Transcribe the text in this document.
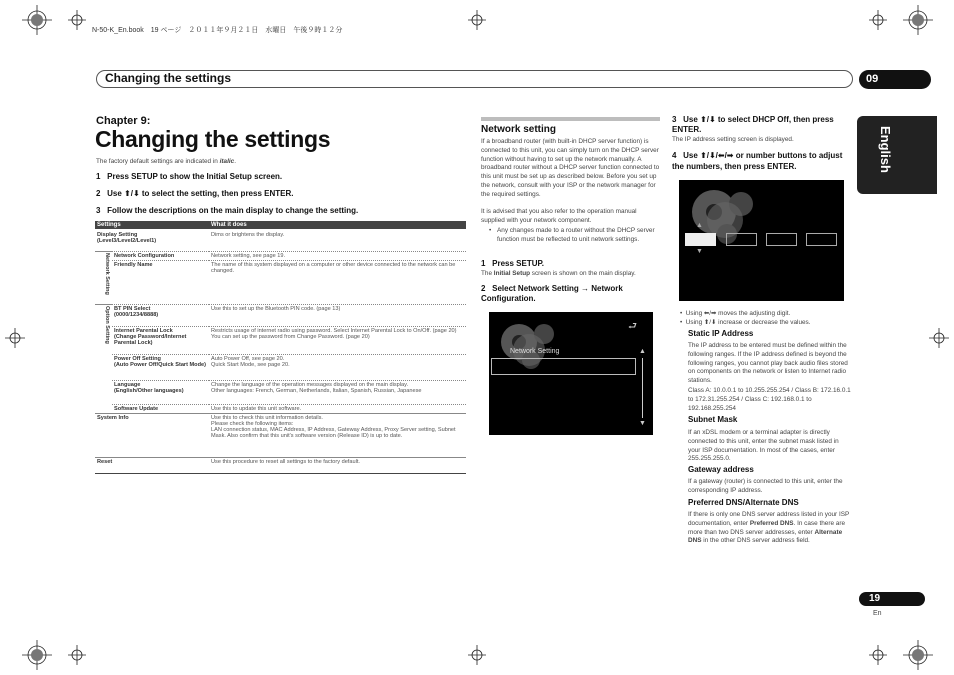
N-50-K_En.book　19 ページ　２０１１年９月２１日　水曜日　午後９時１２分
Changing the settings	09
English
Chapter 9:
Changing the settings
The factory default settings are indicated in italic.
1 Press SETUP to show the Initial Setup screen.
2 Use ⬆/⬇ to select the setting, then press ENTER.
3 Follow the descriptions on the main display to change the setting.
Settings		What it does
Display Setting
(Level3/Level2/Level1)		Dims or brightens the display.
Network Setting	Network Configuration	Network setting, see page 19.
	Friendly Name	The name of this system displayed on a computer or other device connected to the network can be changed.
Option Setting	BT PIN Select
(0000/1234/8888)	Use this to set up the Bluetooth PIN code. (page 13)
	Internet Parental Lock
(Change Password/Internet Parental Lock)	Restricts usage of internet radio using password. Select Internet Parental Lock to On/Off. (page 20)
You can set up the password from Change Password. (page 20)
	Power Off Setting
(Auto Power Off/Quick Start Mode)	Auto Power Off, see page 20.
Quick Start Mode, see page 20.
	Language
(English/Other languages)	Change the language of the operation messages displayed on the main display.
Other languages: French, German, Netherlands, Italian, Spanish, Russian, Japanese
	Software Update	Use this to update this unit software.
System Info		Use this to check this unit information details.
Please check the following items:
LAN connection status, MAC Address, IP Address, Gateway Address, Proxy Server setting, Subnet Mask. Also confirm that this unit's software version (Release ID) is up to date.
Reset		Use this procedure to reset all settings to the factory default.
Network setting
If a broadband router (with built-in DHCP server function) is connected to this unit, you can simply turn on the DHCP server function without having to set up the network manually. A broadband router without a DHCP server function connected to this unit must be set up as described below. Before you set up the network, consult with your ISP or the network manager for the required settings.
It is advised that you also refer to the operation manual supplied with your network component.
• Any changes made to a router without the DHCP server function must be reflected to unit network settings.
1 Press SETUP.
The Initial Setup screen is shown on the main display.
2 Select Network Setting → Network Configuration.
⮐
Network Setting	▲
▼
3 Use ⬆/⬇ to select DHCP Off, then press ENTER.
The IP address setting screen is displayed.
4 Use ⬆/⬇/⬅/➡ or number buttons to adjust the numbers, then press ENTER.
▲
▼
•  Using ⬅/➡ moves the adjusting digit.
•  Using ⬆/⬇ increase or decrease the values.
Static IP Address
The IP address to be entered must be defined within the following ranges. If the IP address defined is beyond the following ranges, you cannot play back audio files stored on components on the network or listen to Internet radio stations.
Class A: 10.0.0.1 to 10.255.255.254 / Class B: 172.16.0.1 to 172.31.255.254 / Class C: 192.168.0.1 to 192.168.255.254
Subnet Mask
If an xDSL modem or a terminal adapter is directly connected to this unit, enter the subnet mask listed in your ISP documentation. In most of the cases, enter 255.255.255.0.
Gateway address
If a gateway (router) is connected to this unit, enter the corresponding IP address.
Preferred DNS/Alternate DNS
If there is only one DNS server address listed in your ISP documentation, enter Preferred DNS. In case there are more than two DNS server addresses, enter Alternate DNS in the other DNS server address field.
19
En
